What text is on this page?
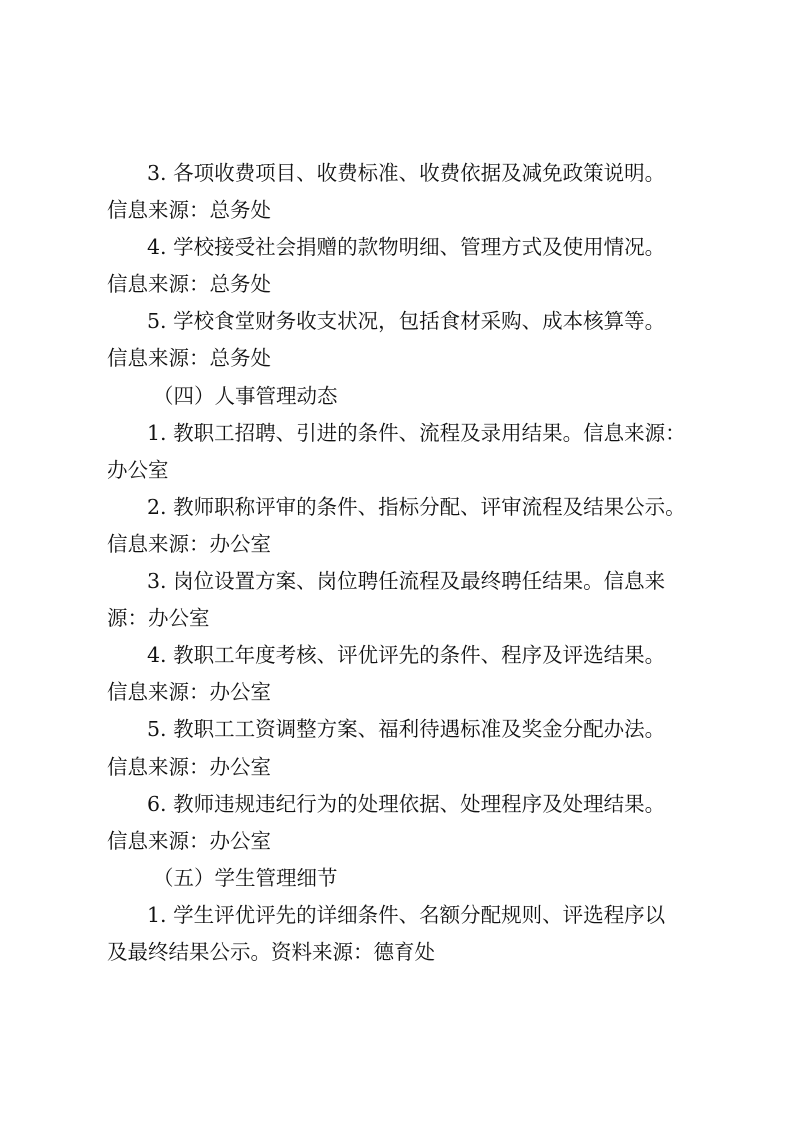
3. 各项收费项目、收费标准、收费依据及减免政策说明。
信息来源：总务处
4. 学校接受社会捐赠的款物明细、管理方式及使用情况。
信息来源：总务处
5. 学校食堂财务收支状况，包括食材采购、成本核算等。
信息来源：总务处
（四）人事管理动态
1. 教职工招聘、引进的条件、流程及录用结果。信息来源：
办公室
2. 教师职称评审的条件、指标分配、评审流程及结果公示。
信息来源：办公室
3. 岗位设置方案、岗位聘任流程及最终聘任结果。信息来
源：办公室
4. 教职工年度考核、评优评先的条件、程序及评选结果。
信息来源：办公室
5. 教职工工资调整方案、福利待遇标准及奖金分配办法。
信息来源：办公室
6. 教师违规违纪行为的处理依据、处理程序及处理结果。
信息来源：办公室
（五）学生管理细节
1. 学生评优评先的详细条件、名额分配规则、评选程序以
及最终结果公示。资料来源：德育处
